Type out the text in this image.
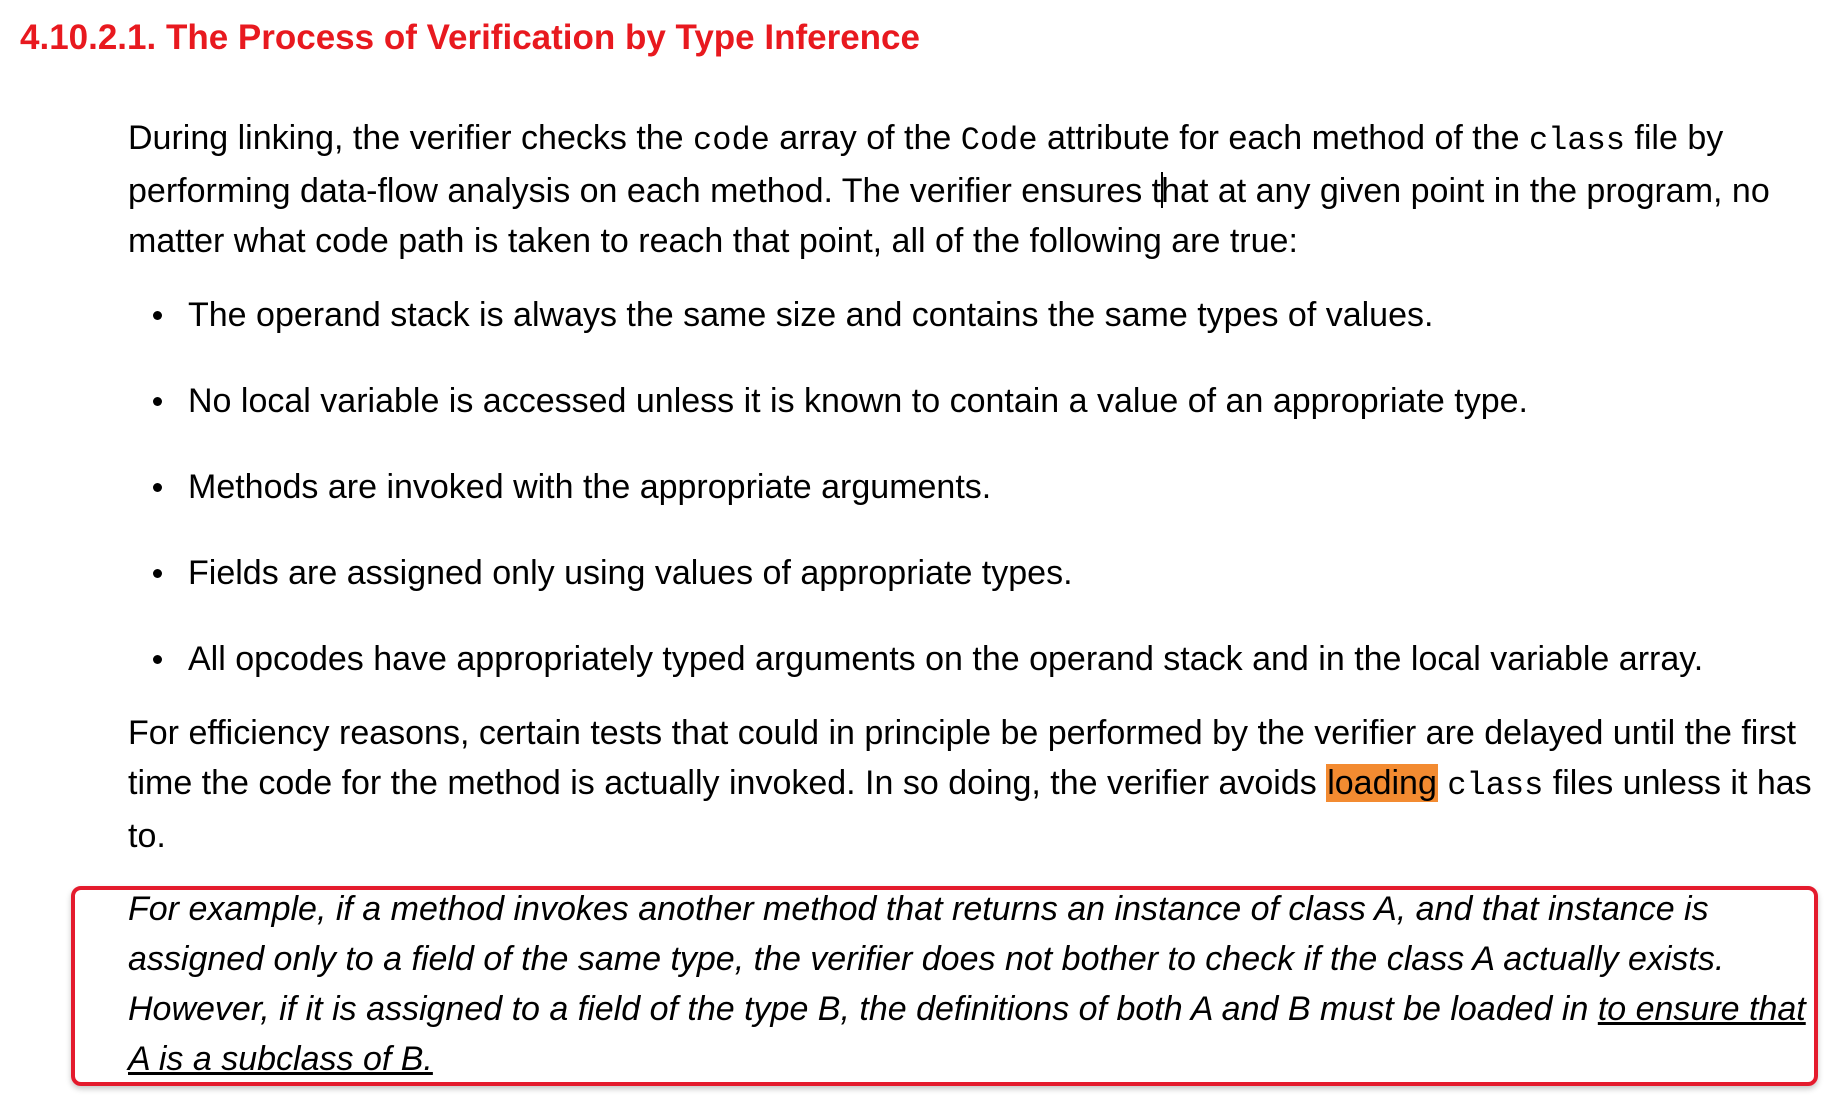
4.10.2.1. The Process of Verification by Type Inference

During linking, the verifier checks the code array of the Code attribute for each method of the class file by performing data-flow analysis on each method. The verifier ensures that at any given point in the program, no matter what code path is taken to reach that point, all of the following are true:

The operand stack is always the same size and contains the same types of values.
No local variable is accessed unless it is known to contain a value of an appropriate type.
Methods are invoked with the appropriate arguments.
Fields are assigned only using values of appropriate types.
All opcodes have appropriately typed arguments on the operand stack and in the local variable array.

For efficiency reasons, certain tests that could in principle be performed by the verifier are delayed until the first time the code for the method is actually invoked. In so doing, the verifier avoids loading class files unless it has to.

For example, if a method invokes another method that returns an instance of class A, and that instance is assigned only to a field of the same type, the verifier does not bother to check if the class A actually exists. However, if it is assigned to a field of the type B, the definitions of both A and B must be loaded in to ensure that A is a subclass of B.
